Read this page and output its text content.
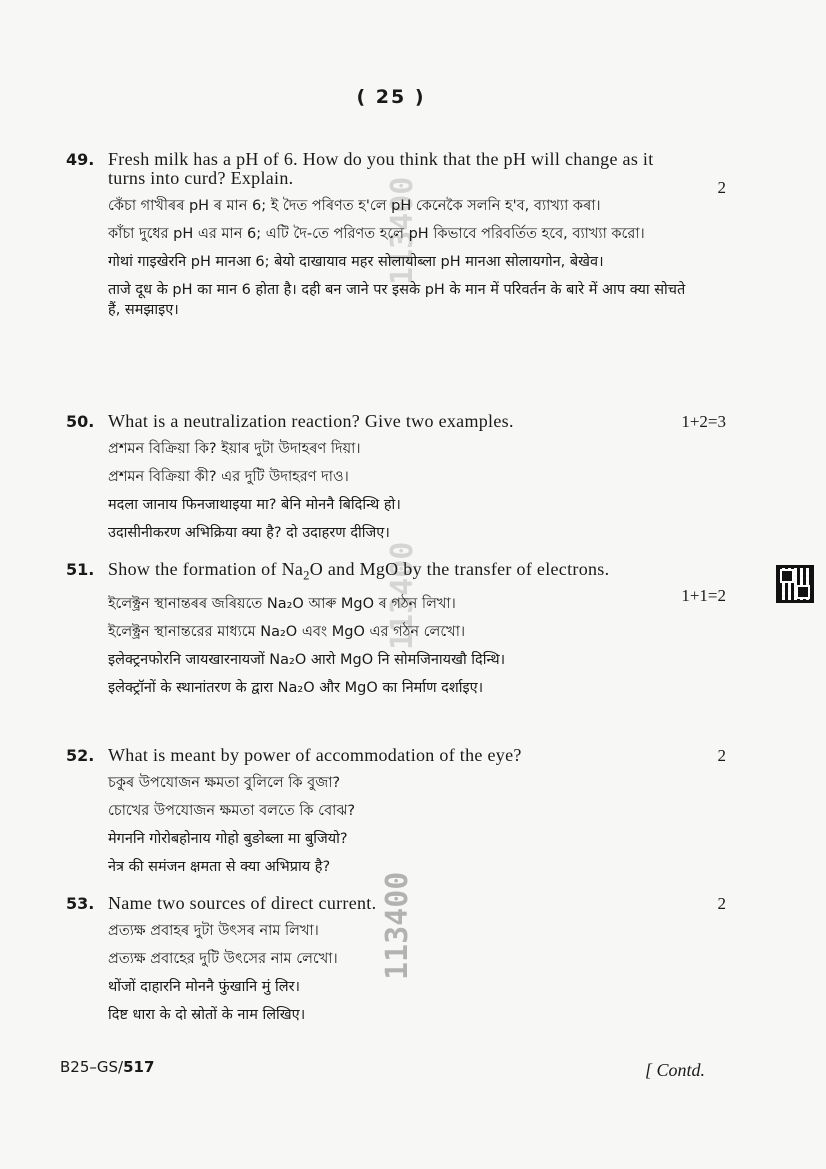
( 25 )
113400
113400
113400
49.
2
Fresh milk has a pH of 6. How do you think that the pH will change as it turns into curd? Explain.
কেঁচা গাখীৰৰ pH ৰ মান 6; ই দৈত পৰিণত হ'লে pH কেনেকৈ সলনি হ'ব, ব্যাখ্যা কৰা।
কাঁচা দুধের pH এর মান 6; এটি দৈ-তে পরিণত হলে pH কিভাবে পরিবর্তিত হবে, ব্যাখ্যা করো।
गोथां गाइखेरनि pH मानआ 6; बेयो दाखायाव महर सोलायोब्ला pH मानआ सोलायगोन, बेखेव।
ताजे दूध के pH का मान 6 होता है। दही बन जाने पर इसके pH के मान में परिवर्तन के बारे में आप क्या सोचते हैं, समझाइए।
50.	1+2=3
What is a neutralization reaction? Give two examples.
প্ৰশমন বিক্ৰিয়া কি? ইয়াৰ দুটা উদাহৰণ দিয়া।
প্রশমন বিক্রিয়া কী? এর দুটি উদাহরণ দাও।
मदला जानाय फिनजाथाइया मा? बेनि मोननै बिदिन्थि हो।
उदासीनीकरण अभिक्रिया क्या है? दो उदाहरण दीजिए।
51.
1+1=2
Show the formation of $Na_2O$ and MgO by the transfer of electrons.
ইলেক্ট্ৰন স্থানান্তৰৰ জৰিয়তে Na₂O আৰু MgO ৰ গঠন লিখা।
ইলেক্ট্রন স্থানান্তরের মাধ্যমে Na₂O এবং MgO এর গঠন লেখো।
इलेक्ट्रनफोरनि जायखारनायजों Na₂O आरो MgO नि सोमजिनायखौ दिन्थि।
इलेक्ट्रॉनों के स्थानांतरण के द्वारा Na₂O और MgO का निर्माण दर्शाइए।
52.	2
What is meant by power of accommodation of the eye?
চকুৰ উপযোজন ক্ষমতা বুলিলে কি বুজা?
চোখের উপযোজন ক্ষমতা বলতে কি বোঝ?
मेगननि गोरोबहोनाय गोहो बुङोब्ला मा बुजियो?
नेत्र की समंजन क्षमता से क्या अभिप्राय है?
53.	2
Name two sources of direct current.
প্ৰত্যক্ষ প্ৰবাহৰ দুটা উৎসৰ নাম লিখা।
প্রত্যক্ষ প্রবাহের দুটি উৎসের নাম লেখো।
थोंजों दाहारनि मोननै फुंखानि मुं लिर।
दिष्ट धारा के दो स्रोतों के नाम लिखिए।
B25–GS/517	[ Contd.
